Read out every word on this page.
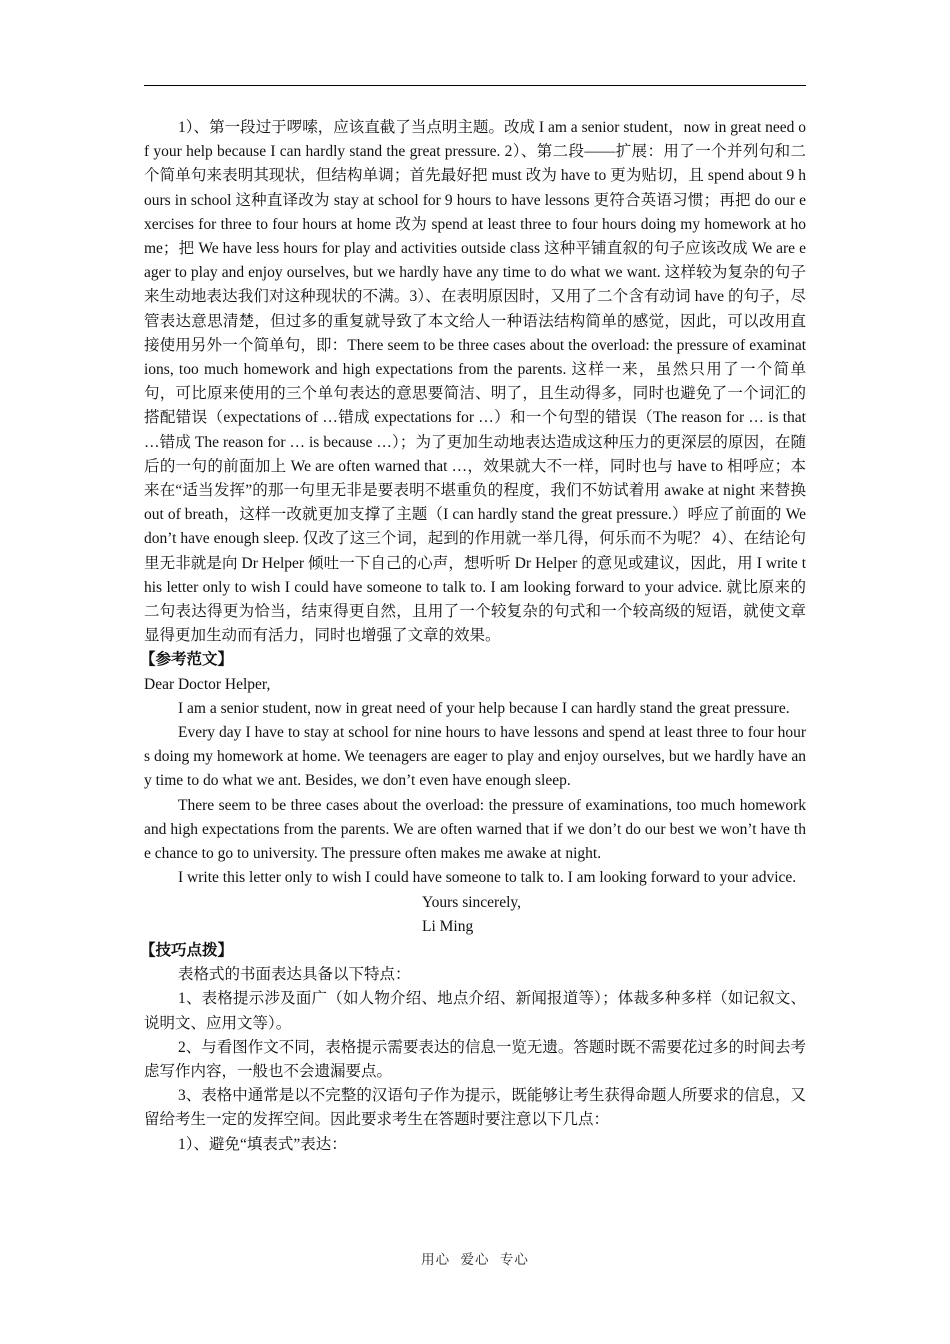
1）、第一段过于啰嗦，应该直截了当点明主题。改成 I am a senior student，now in great need of your help because I can hardly stand the great pressure. 2）、第二段——扩展：用了一个并列句和二个简单句来表明其现状，但结构单调；首先最好把 must 改为 have to 更为贴切，且 spend about 9 hours in school 这种直译改为 stay at school for 9 hours to have lessons 更符合英语习惯；再把 do our exercises for three to four hours at home 改为 spend at least three to four hours doing my homework at home；把 We have less hours for play and activities outside class 这种平铺直叙的句子应该改成 We are eager to play and enjoy ourselves, but we hardly have any time to do what we want. 这样较为复杂的句子来生动地表达我们对这种现状的不满。3）、在表明原因时，又用了二个含有动词 have 的句子，尽管表达意思清楚，但过多的重复就导致了本文给人一种语法结构简单的感觉，因此，可以改用直接使用另外一个简单句，即：There seem to be three cases about the overload: the pressure of examinations, too much homework and high expectations from the parents. 这样一来，虽然只用了一个简单句，可比原来使用的三个单句表达的意思要简洁、明了，且生动得多，同时也避免了一个词汇的搭配错误（expectations of …错成 expectations for …）和一个句型的错误（The reason for … is that …错成 The reason for … is because …）；为了更加生动地表达造成这种压力的更深层的原因，在随后的一句的前面加上 We are often warned that …，效果就大不一样，同时也与 have to 相呼应；本来在“适当发挥”的那一句里无非是要表明不堪重负的程度，我们不妨试着用 awake at night 来替换 out of breath，这样一改就更加支撑了主题（I can hardly stand the great pressure.）呼应了前面的 We don’t have enough sleep. 仅改了这三个词，起到的作用就一举几得，何乐而不为呢？ 4）、在结论句里无非就是向 Dr Helper 倾吐一下自己的心声，想听听 Dr Helper 的意见或建议，因此，用 I write this letter only to wish I could have someone to talk to. I am looking forward to your advice. 就比原来的二句表达得更为恰当，结束得更自然，且用了一个较复杂的句式和一个较高级的短语，就使文章显得更加生动而有活力，同时也增强了文章的效果。

【参考范文】

Dear Doctor Helper,

I am a senior student, now in great need of your help because I can hardly stand the great pressure.

Every day I have to stay at school for nine hours to have lessons and spend at least three to four hours doing my homework at home. We teenagers are eager to play and enjoy ourselves, but we hardly have any time to do what we ant. Besides, we don’t even have enough sleep.

There seem to be three cases about the overload: the pressure of examinations, too much homework and high expectations from the parents. We are often warned that if we don’t do our best we won’t have the chance to go to university. The pressure often makes me awake at night.

I write this letter only to wish I could have someone to talk to. I am looking forward to your advice.

Yours sincerely,

Li Ming

【技巧点拨】

表格式的书面表达具备以下特点：

1、表格提示涉及面广（如人物介绍、地点介绍、新闻报道等）；体裁多种多样（如记叙文、说明文、应用文等）。

2、与看图作文不同，表格提示需要表达的信息一览无遗。答题时既不需要花过多的时间去考虑写作内容，一般也不会遗漏要点。

3、表格中通常是以不完整的汉语句子作为提示，既能够让考生获得命题人所要求的信息，又留给考生一定的发挥空间。因此要求考生在答题时要注意以下几点：

1）、避免“填表式”表达：

用心 爱心 专心
